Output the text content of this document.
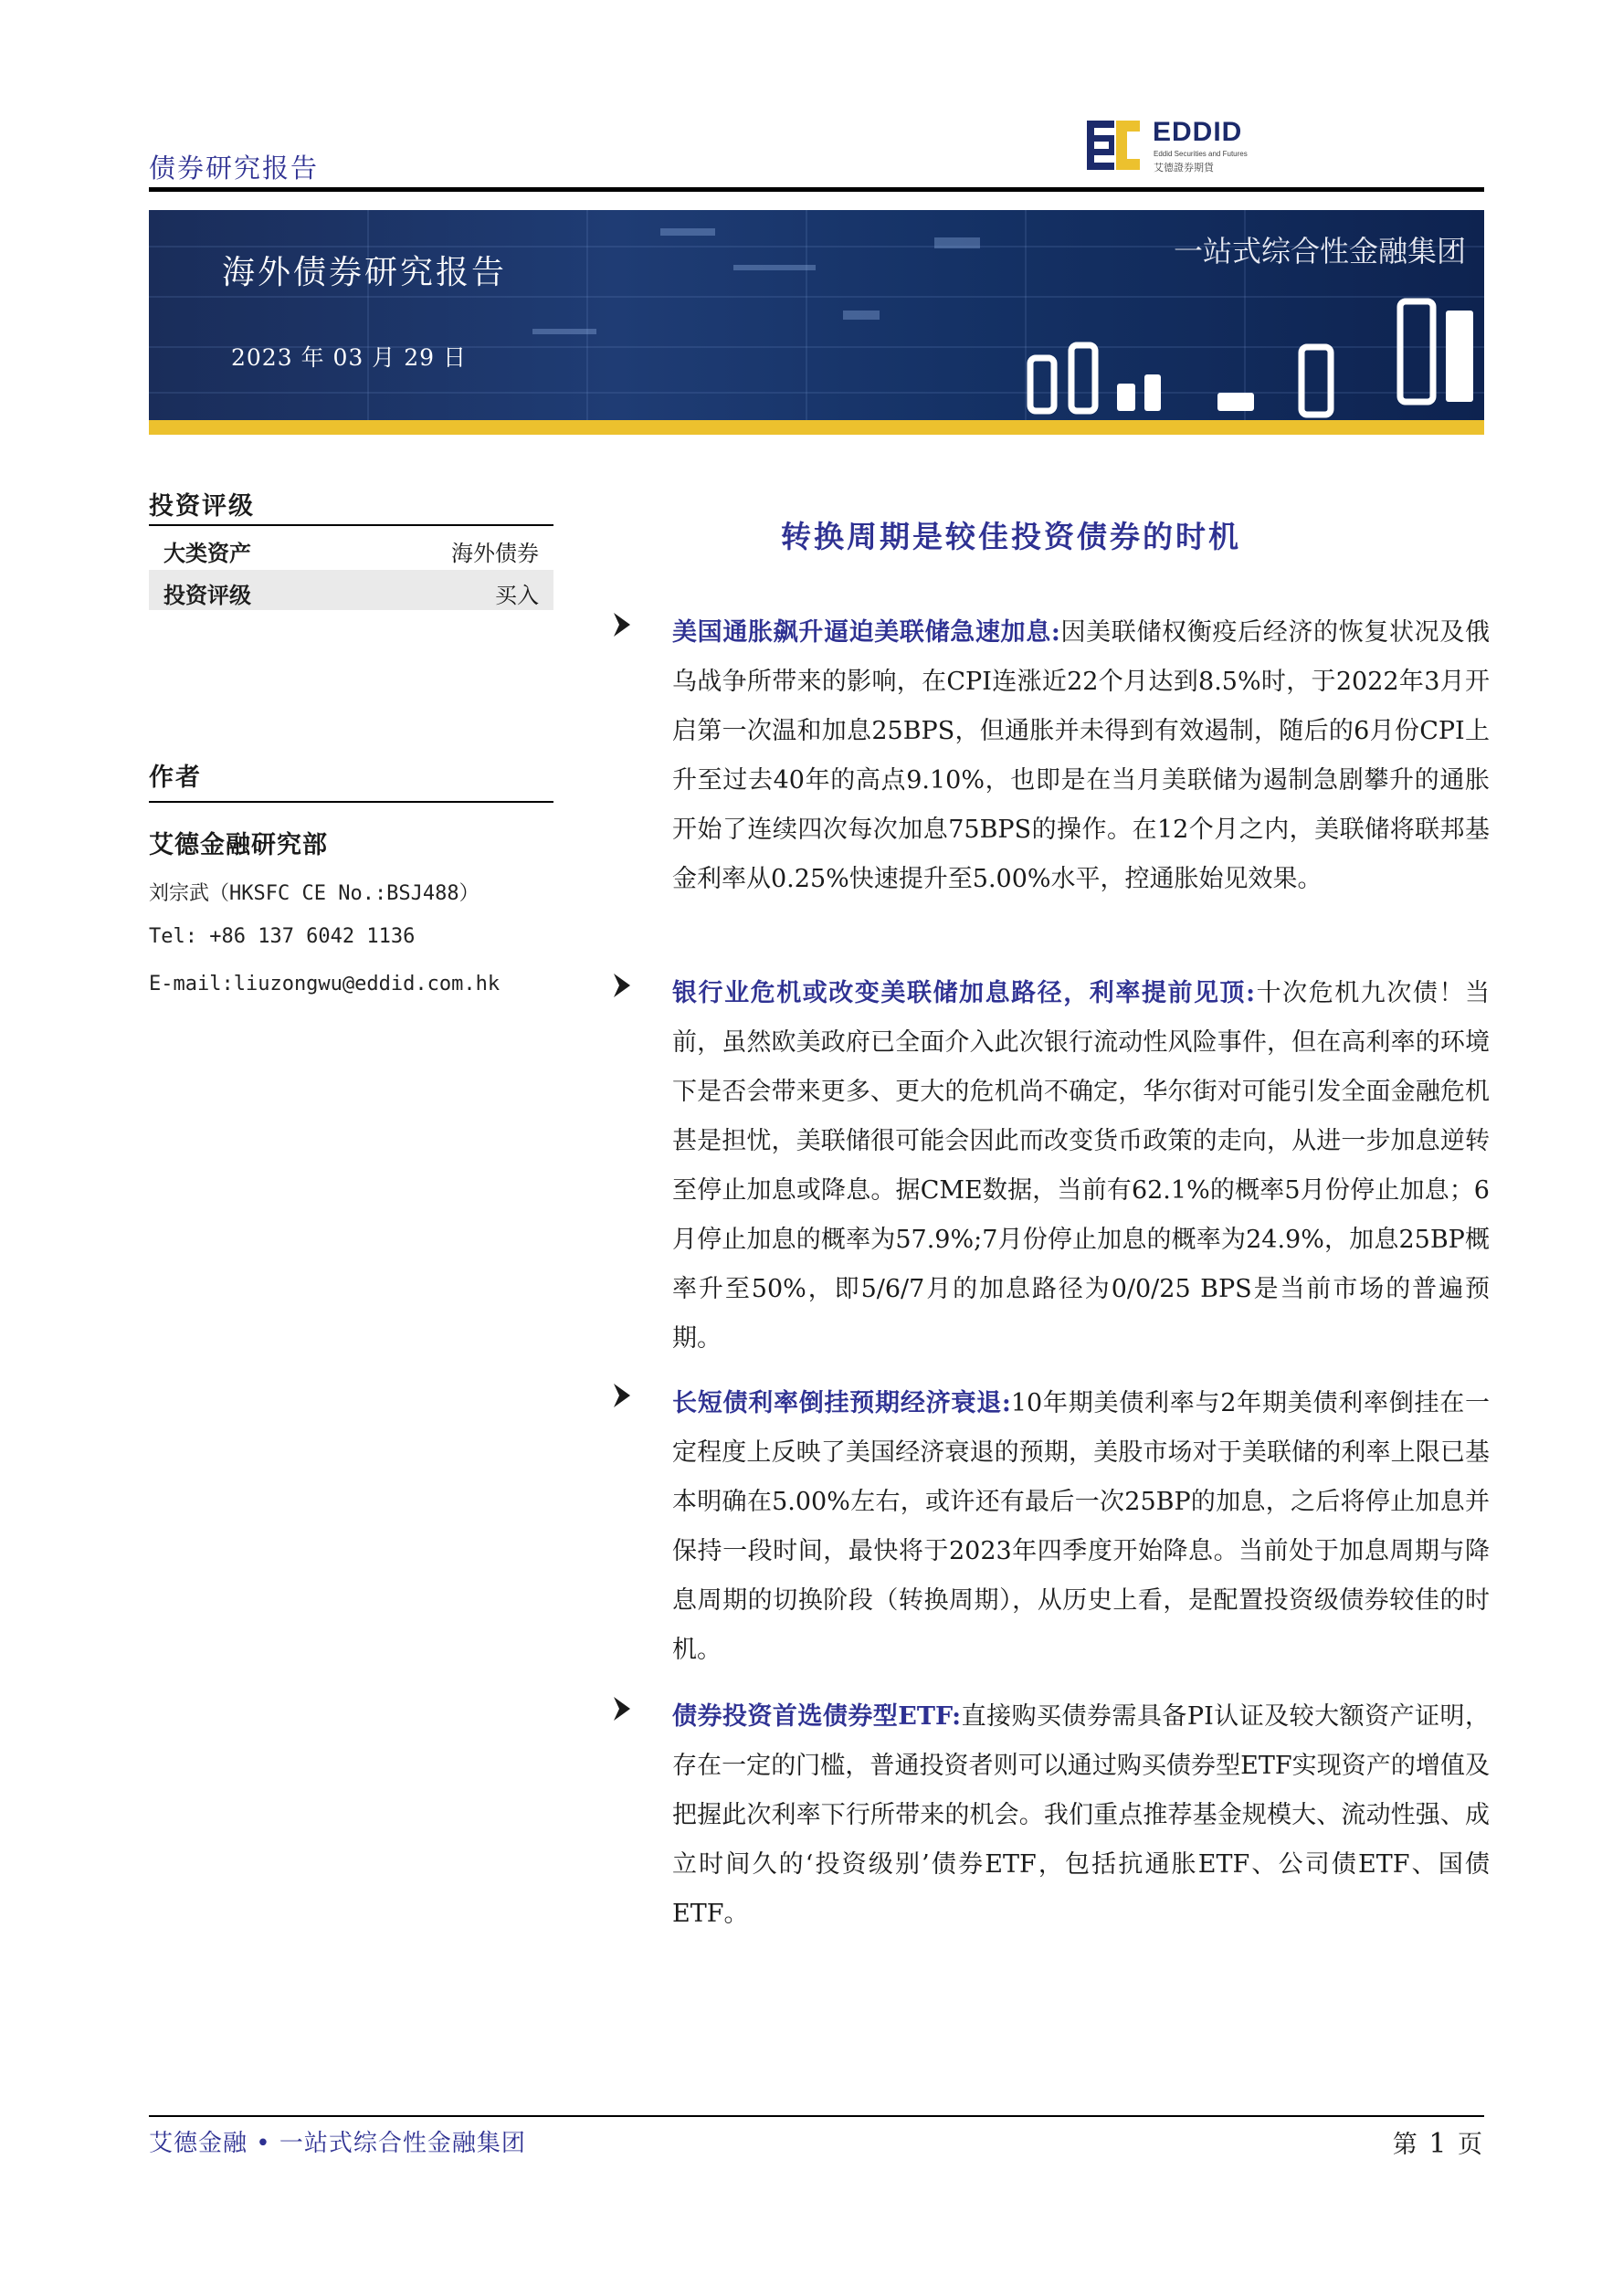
债券研究报告
EDDID
Eddid Securities and Futures
艾德證券期貨
海外债券研究报告
2023 年 03 月 29 日
一站式综合性金融集团
投资评级
大类资产	海外债券
投资评级	买入
作者
艾德金融研究部
刘宗武（HKSFC CE No.:BSJ488）
Tel: +86 137 6042 1136
E-mail:liuzongwu@eddid.com.hk
转换周期是较佳投资债券的时机
美国通胀飙升逼迫美联储急速加息:因美联储权衡疫后经济的恢复状况及俄乌战争所带来的影响，在CPI连涨近22个月达到8.5%时，于2022年3月开启第一次温和加息25BPS，但通胀并未得到有效遏制，随后的6月份CPI上升至过去40年的高点9.10%，也即是在当月美联储为遏制急剧攀升的通胀开始了连续四次每次加息75BPS的操作。在12个月之内，美联储将联邦基金利率从0.25%快速提升至5.00%水平，控通胀始见效果。
银行业危机或改变美联储加息路径，利率提前见顶:十次危机九次债！当前，虽然欧美政府已全面介入此次银行流动性风险事件，但在高利率的环境下是否会带来更多、更大的危机尚不确定，华尔街对可能引发全面金融危机甚是担忧，美联储很可能会因此而改变货币政策的走向，从进一步加息逆转至停止加息或降息。据CME数据，当前有62.1%的概率5月份停止加息；6月停止加息的概率为57.9%;7月份停止加息的概率为24.9%，加息25BP概率升至50%，即5/6/7月的加息路径为0/0/25 BPS是当前市场的普遍预期。
长短债利率倒挂预期经济衰退:10年期美债利率与2年期美债利率倒挂在一定程度上反映了美国经济衰退的预期，美股市场对于美联储的利率上限已基本明确在5.00%左右，或许还有最后一次25BP的加息，之后将停止加息并保持一段时间，最快将于2023年四季度开始降息。当前处于加息周期与降息周期的切换阶段（转换周期），从历史上看，是配置投资级债券较佳的时机。
债券投资首选债券型ETF:直接购买债券需具备PI认证及较大额资产证明，存在一定的门槛，普通投资者则可以通过购买债券型ETF实现资产的增值及把握此次利率下行所带来的机会。我们重点推荐基金规模大、流动性强、成立时间久的‘投资级别’债券ETF，包括抗通胀ETF、公司债ETF、国债ETF。
艾德金融 • 一站式综合性金融集团	第 1 页
